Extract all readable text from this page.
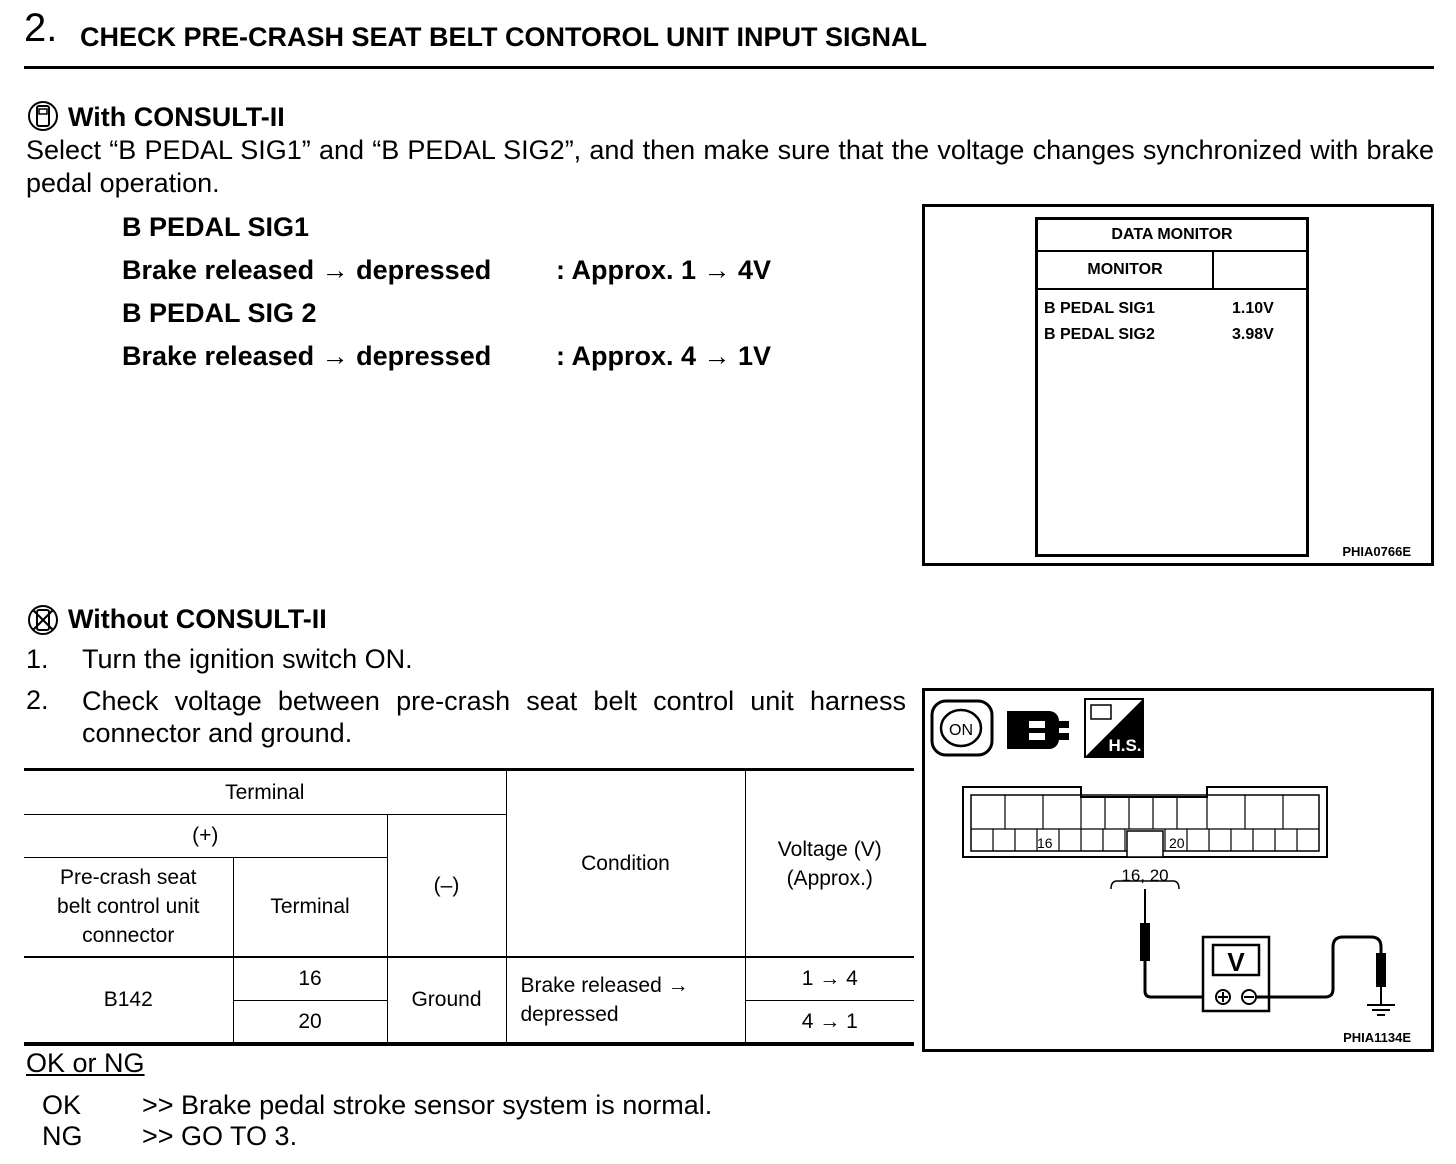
2. CHECK PRE-CRASH SEAT BELT CONTOROL UNIT INPUT SIGNAL
With CONSULT-II
Select “B PEDAL SIG1” and “B PEDAL SIG2”, and then make sure that the voltage changes synchronized with brake pedal operation.
B PEDAL SIG1
Brake released → depressed : Approx. 1 → 4V
B PEDAL SIG 2
Brake released → depressed : Approx. 4 → 1V
DATA MONITOR
MONITOR
B PEDAL SIG1	1.10V
B PEDAL SIG2	3.98V
PHIA0766E
Without CONSULT-II
1. Turn the ignition switch ON.
2. Check voltage between pre-crash seat belt control unit harness connector and ground.
Terminal			Condition	Voltage (V) (Approx.)
(+)		(–)		
Pre-crash seat belt control unit connector	Terminal			
B142	16	Ground	Brake released → depressed	1 → 4
	20			4 → 1
ON
H.S.
16	20
16, 20
V
PHIA1134E
OK or NG
OK >> Brake pedal stroke sensor system is normal.
NG >> GO TO 3.
